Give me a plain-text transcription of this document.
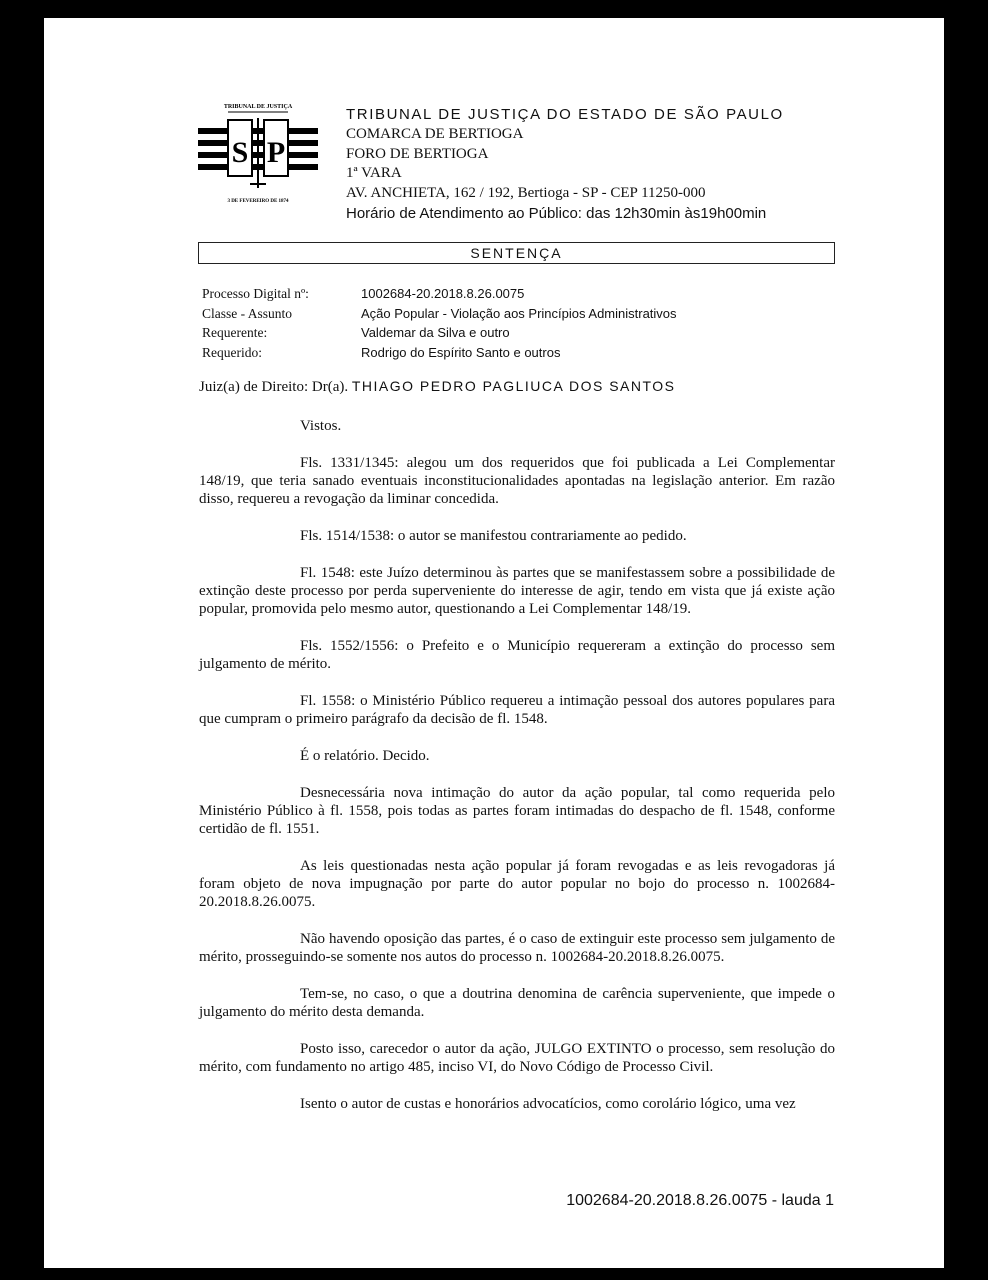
TRIBUNAL DE JUSTIÇA
S P
3 DE FEVEREIRO DE 1874
TRIBUNAL DE JUSTIÇA DO ESTADO DE SÃO PAULO
COMARCA DE BERTIOGA
FORO DE BERTIOGA
1ª VARA
AV. ANCHIETA, 162 / 192, Bertioga - SP - CEP 11250-000
Horário de Atendimento ao Público: das 12h30min às19h00min
SENTENÇA
Processo Digital nº:	1002684-20.2018.8.26.0075
Classe - Assunto	Ação Popular - Violação aos Princípios Administrativos
Requerente:	Valdemar da Silva e outro
Requerido:	Rodrigo do Espírito Santo e outros
Juiz(a) de Direito: Dr(a). THIAGO PEDRO PAGLIUCA DOS SANTOS

Vistos.

Fls. 1331/1345: alegou um dos requeridos que foi publicada a Lei Complementar 148/19, que teria sanado eventuais inconstitucionalidades apontadas na legislação anterior. Em razão disso, requereu a revogação da liminar concedida.

Fls. 1514/1538: o autor se manifestou contrariamente ao pedido.

Fl. 1548: este Juízo determinou às partes que se manifestassem sobre a possibilidade de extinção deste processo por perda superveniente do interesse de agir, tendo em vista que já existe ação popular, promovida pelo mesmo autor, questionando a Lei Complementar 148/19.

Fls. 1552/1556: o Prefeito e o Município requereram a extinção do processo sem julgamento de mérito.

Fl. 1558: o Ministério Público requereu a intimação pessoal dos autores populares para que cumpram o primeiro parágrafo da decisão de fl. 1548.

É o relatório. Decido.

Desnecessária nova intimação do autor da ação popular, tal como requerida pelo Ministério Público à fl. 1558, pois todas as partes foram intimadas do despacho de fl. 1548, conforme certidão de fl. 1551.

As leis questionadas nesta ação popular já foram revogadas e as leis revogadoras já foram objeto de nova impugnação por parte do autor popular no bojo do processo n. 1002684-20.2018.8.26.0075.

Não havendo oposição das partes, é o caso de extinguir este processo sem julgamento de mérito, prosseguindo-se somente nos autos do processo n. 1002684-20.2018.8.26.0075.

Tem-se, no caso, o que a doutrina denomina de carência superveniente, que impede o julgamento do mérito desta demanda.

Posto isso, carecedor o autor da ação, JULGO EXTINTO o processo, sem resolução do mérito, com fundamento no artigo 485, inciso VI, do Novo Código de Processo Civil.

Isento o autor de custas e honorários advocatícios, como corolário lógico, uma vez

1002684-20.2018.8.26.0075 - lauda 1
